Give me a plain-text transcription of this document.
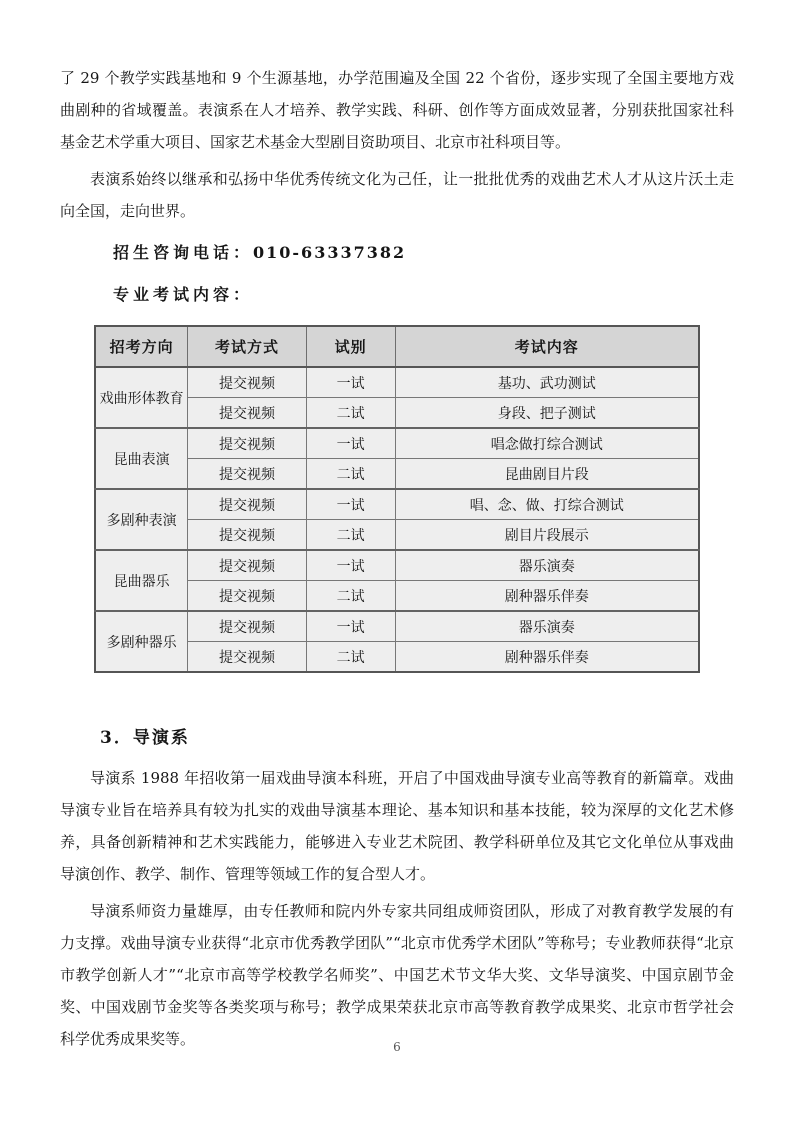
了 29 个教学实践基地和 9 个生源基地，办学范围遍及全国 22 个省份，逐步实现了全国主要地方戏曲剧种的省域覆盖。表演系在人才培养、教学实践、科研、创作等方面成效显著，分别获批国家社科基金艺术学重大项目、国家艺术基金大型剧目资助项目、北京市社科项目等。

表演系始终以继承和弘扬中华优秀传统文化为己任，让一批批优秀的戏曲艺术人才从这片沃土走向全国，走向世界。

招生咨询电话：010-63337382

专业考试内容：

招考方向	考试方式	试别	考试内容
戏曲形体教育	提交视频	一试	基功、武功测试
	提交视频	二试	身段、把子测试
昆曲表演	提交视频	一试	唱念做打综合测试
	提交视频	二试	昆曲剧目片段
多剧种表演	提交视频	一试	唱、念、做、打综合测试
	提交视频	二试	剧目片段展示
昆曲器乐	提交视频	一试	器乐演奏
	提交视频	二试	剧种器乐伴奏
多剧种器乐	提交视频	一试	器乐演奏
	提交视频	二试	剧种器乐伴奏
3．导演系

导演系 1988 年招收第一届戏曲导演本科班，开启了中国戏曲导演专业高等教育的新篇章。戏曲导演专业旨在培养具有较为扎实的戏曲导演基本理论、基本知识和基本技能，较为深厚的文化艺术修养，具备创新精神和艺术实践能力，能够进入专业艺术院团、教学科研单位及其它文化单位从事戏曲导演创作、教学、制作、管理等领域工作的复合型人才。

导演系师资力量雄厚，由专任教师和院内外专家共同组成师资团队，形成了对教育教学发展的有力支撑。戏曲导演专业获得“北京市优秀教学团队”“北京市优秀学术团队”等称号；专业教师获得“北京市教学创新人才”“北京市高等学校教学名师奖”、中国艺术节文华大奖、文华导演奖、中国京剧节金奖、中国戏剧节金奖等各类奖项与称号；教学成果荣获北京市高等教育教学成果奖、北京市哲学社会科学优秀成果奖等。	6
